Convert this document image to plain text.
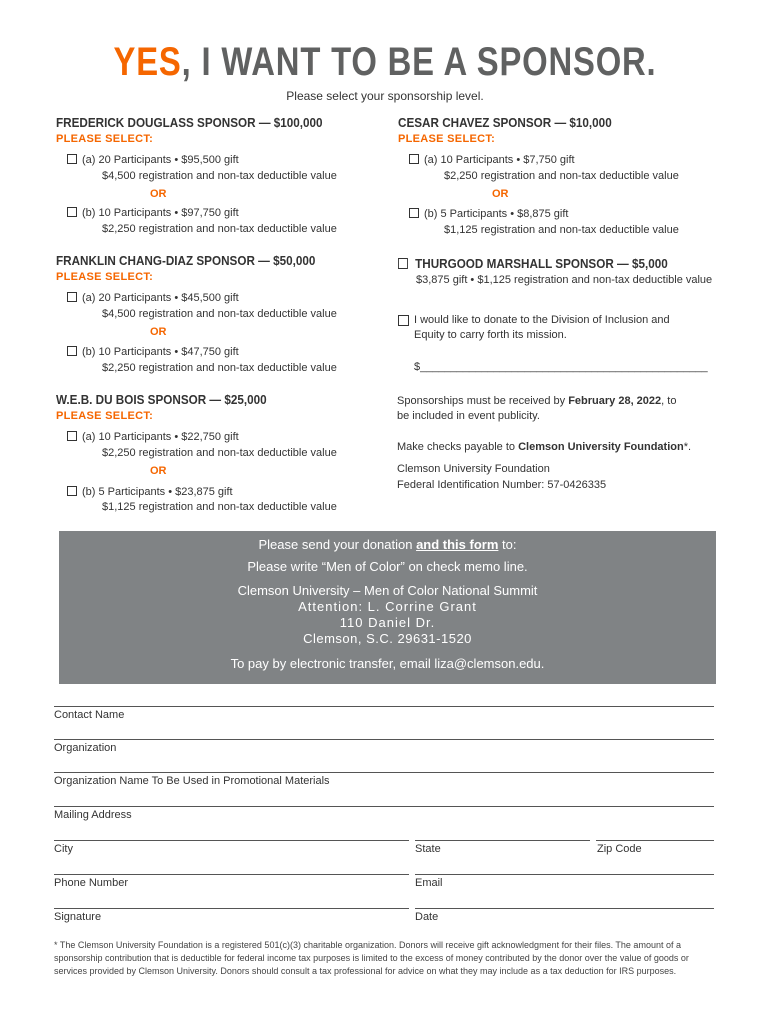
YES, I WANT TO BE A SPONSOR.
Please select your sponsorship level.
FREDERICK DOUGLASS SPONSOR — $100,000
PLEASE SELECT:
(a) 20 Participants • $95,500 gift
$4,500 registration and non-tax deductible value
OR
(b) 10 Participants • $97,750 gift
$2,250 registration and non-tax deductible value
CESAR CHAVEZ SPONSOR — $10,000
PLEASE SELECT:
(a) 10 Participants • $7,750 gift
$2,250 registration and non-tax deductible value
OR
(b) 5 Participants • $8,875 gift
$1,125 registration and non-tax deductible value
FRANKLIN CHANG-DIAZ SPONSOR — $50,000
PLEASE SELECT:
(a) 20 Participants • $45,500 gift
$4,500 registration and non-tax deductible value
OR
(b) 10 Participants • $47,750 gift
$2,250 registration and non-tax deductible value
THURGOOD MARSHALL SPONSOR — $5,000
$3,875 gift • $1,125 registration and non-tax deductible value
I would like to donate to the Division of Inclusion and Equity to carry forth its mission.
$_______________________________________________
W.E.B. DU BOIS SPONSOR — $25,000
PLEASE SELECT:
(a) 10 Participants • $22,750 gift
$2,250 registration and non-tax deductible value
OR
(b) 5 Participants • $23,875 gift
$1,125 registration and non-tax deductible value
Sponsorships must be received by February 28, 2022, to be included in event publicity.
Make checks payable to Clemson University Foundation*.
Clemson University Foundation
Federal Identification Number: 57-0426335
Please send your donation and this form to:
Please write “Men of Color” on check memo line.
Clemson University – Men of Color National Summit
Attention: L. Corrine Grant
110 Daniel Dr.
Clemson, S.C. 29631-1520
To pay by electronic transfer, email liza@clemson.edu.
Contact Name
Organization
Organization Name To Be Used in Promotional Materials
Mailing Address
City	State	Zip Code
Phone Number	Email
Signature	Date
* The Clemson University Foundation is a registered 501(c)(3) charitable organization. Donors will receive gift acknowledgment for their files. The amount of a sponsorship contribution that is deductible for federal income tax purposes is limited to the excess of money contributed by the donor over the value of goods or services provided by Clemson University. Donors should consult a tax professional for advice on what they may include as a tax deduction for IRS purposes.
